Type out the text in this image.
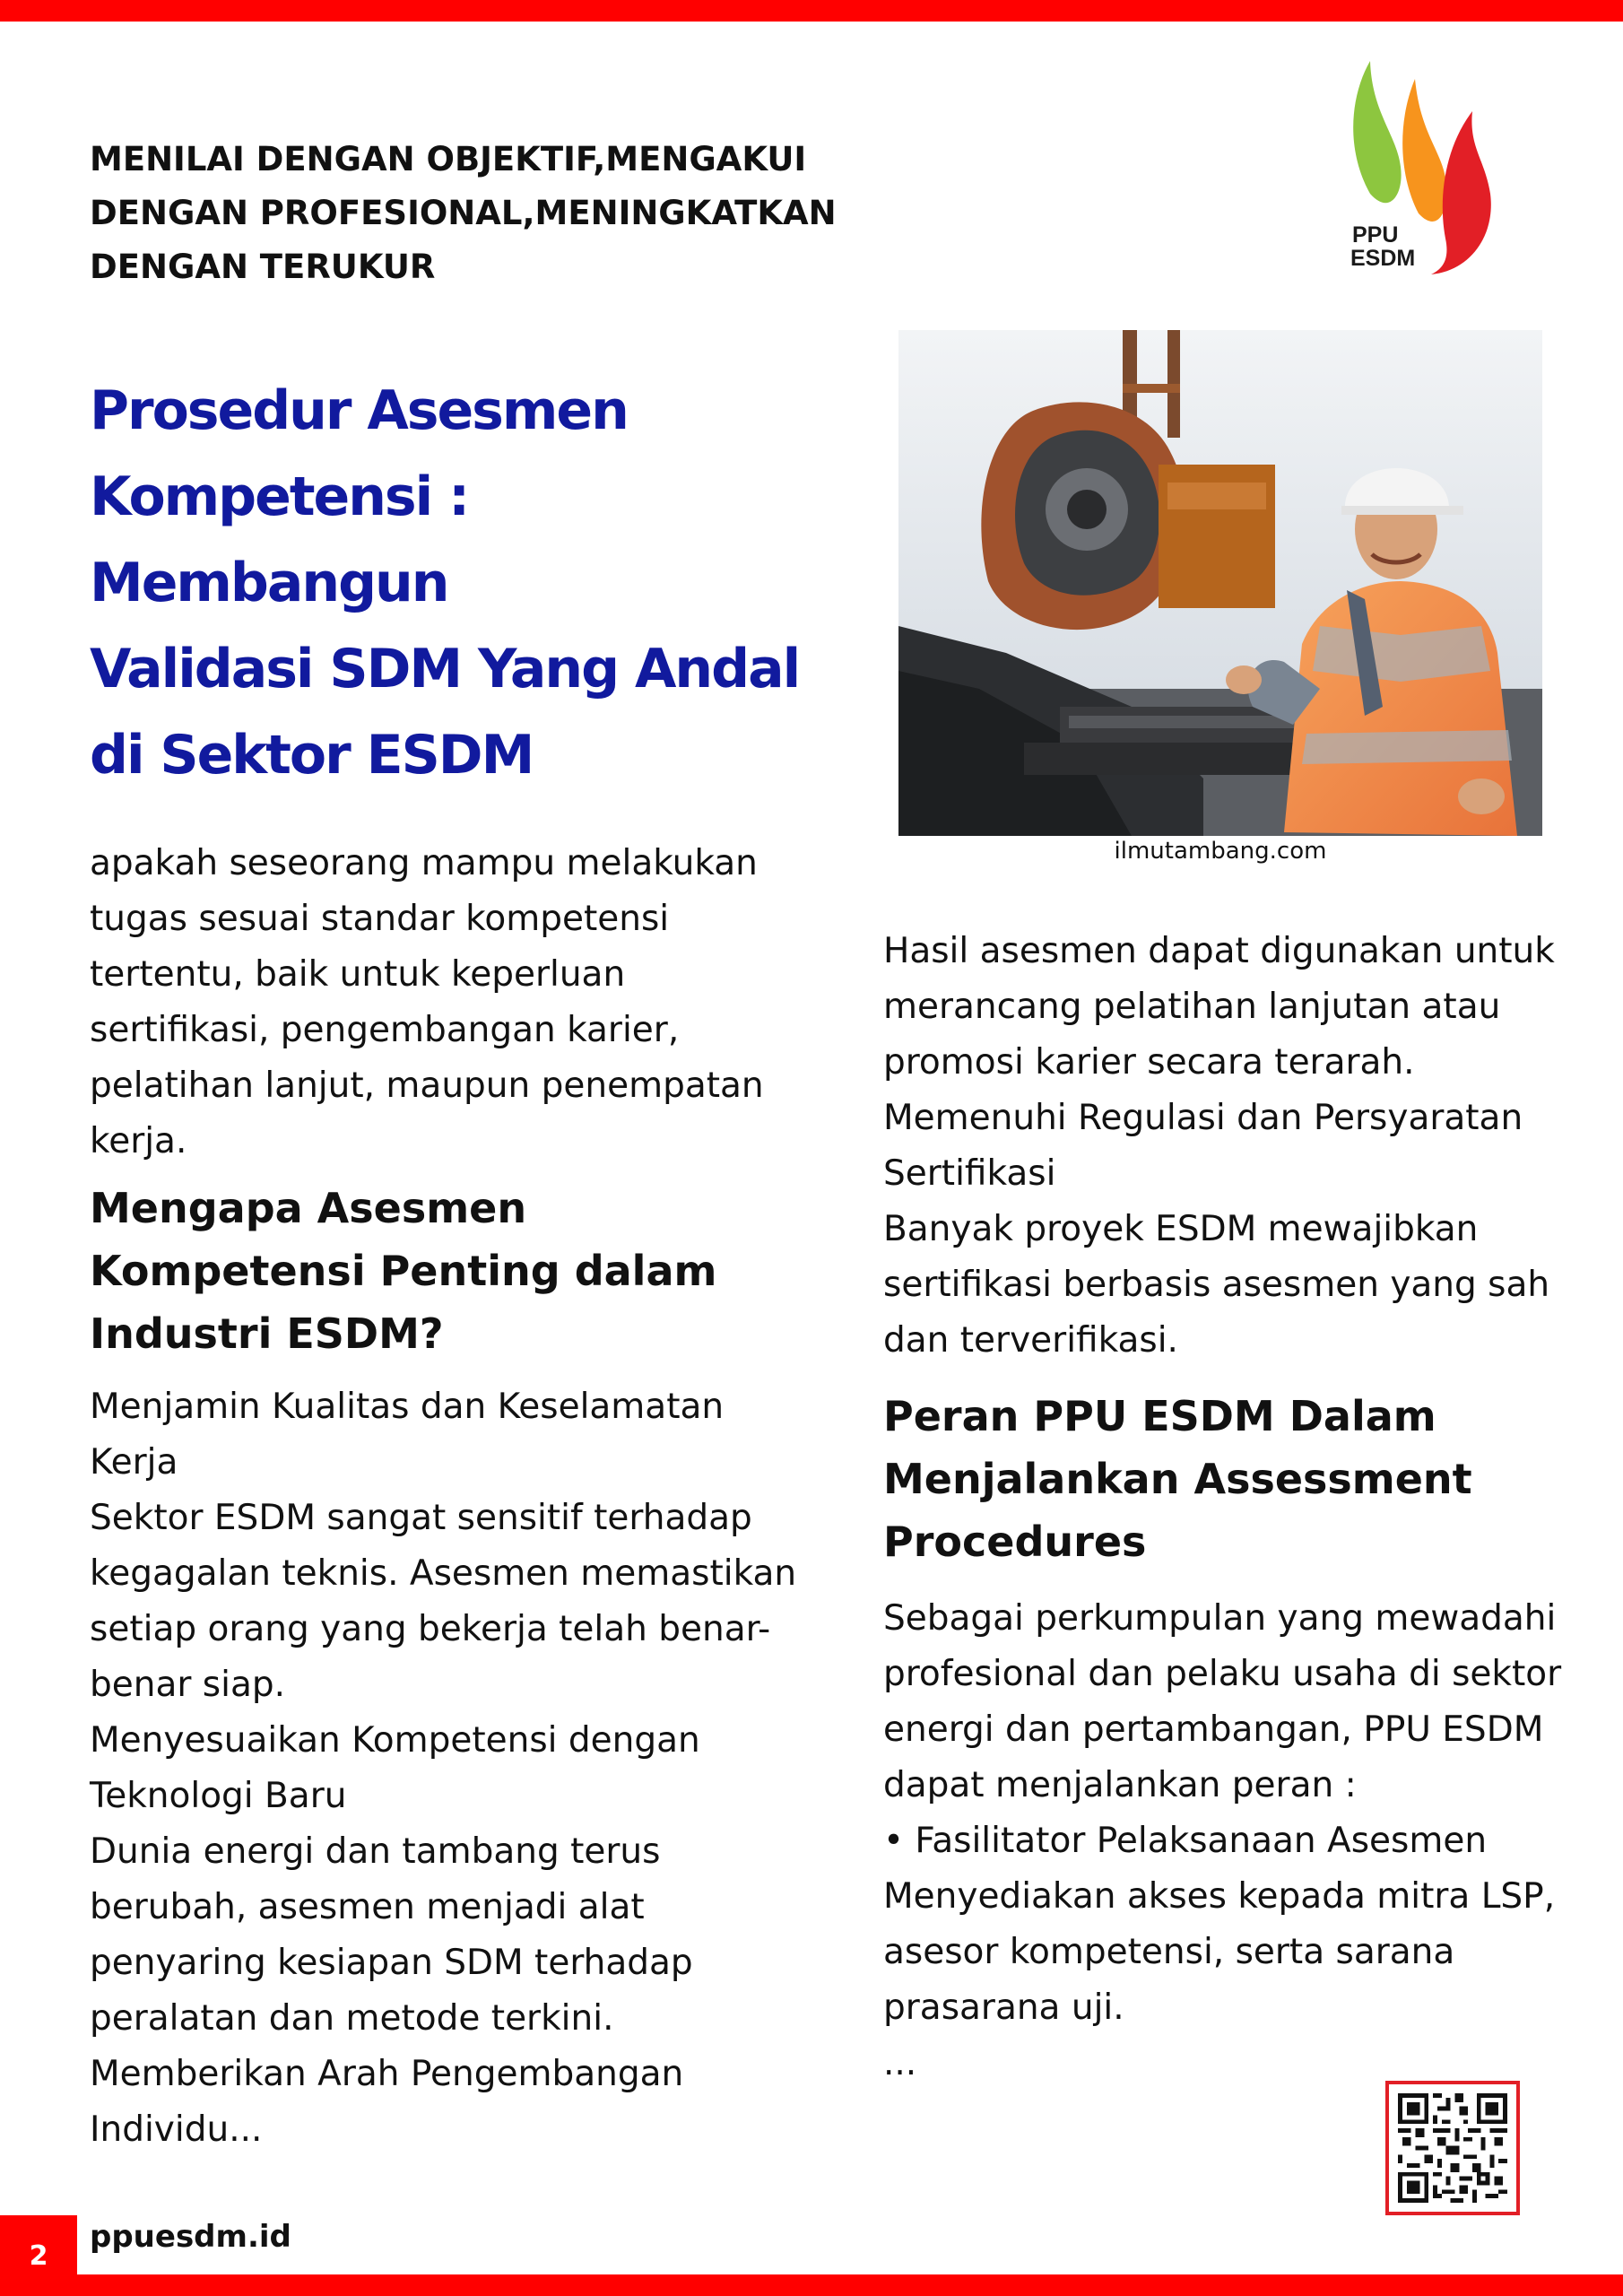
MENILAI DENGAN OBJEKTIF,MENGAKUI
DENGAN PROFESIONAL,MENINGKATKAN
DENGAN TERUKUR
PPU
ESDM
Prosedur Asesmen
Kompetensi : Membangun
Validasi SDM Yang Andal
di Sektor ESDM
ilmutambang.com

apakah seseorang mampu melakukan tugas sesuai standar kompetensi tertentu, baik untuk keperluan sertifikasi, pengembangan karier, pelatihan lanjut, maupun penempatan kerja.

Mengapa Asesmen Kompetensi Penting dalam Industri ESDM?

Menjamin Kualitas dan Keselamatan Kerja

Sektor ESDM sangat sensitif terhadap kegagalan teknis. Asesmen memastikan setiap orang yang bekerja telah benar-benar siap.

Menyesuaikan Kompetensi dengan Teknologi Baru

Dunia energi dan tambang terus berubah, asesmen menjadi alat penyaring kesiapan SDM terhadap peralatan dan metode terkini.

Memberikan Arah Pengembangan Individu...

Hasil asesmen dapat digunakan untuk merancang pelatihan lanjutan atau promosi karier secara terarah.

Memenuhi Regulasi dan Persyaratan Sertifikasi

Banyak proyek ESDM mewajibkan sertifikasi berbasis asesmen yang sah dan terverifikasi.

Peran PPU ESDM Dalam Menjalankan Assessment Procedures

Sebagai perkumpulan yang mewadahi profesional dan pelaku usaha di sektor energi dan pertambangan, PPU ESDM dapat menjalankan peran :

• Fasilitator Pelaksanaan Asesmen

Menyediakan akses kepada mitra LSP, asesor kompetensi, serta sarana prasarana uji.

...

2
ppuesdm.id
